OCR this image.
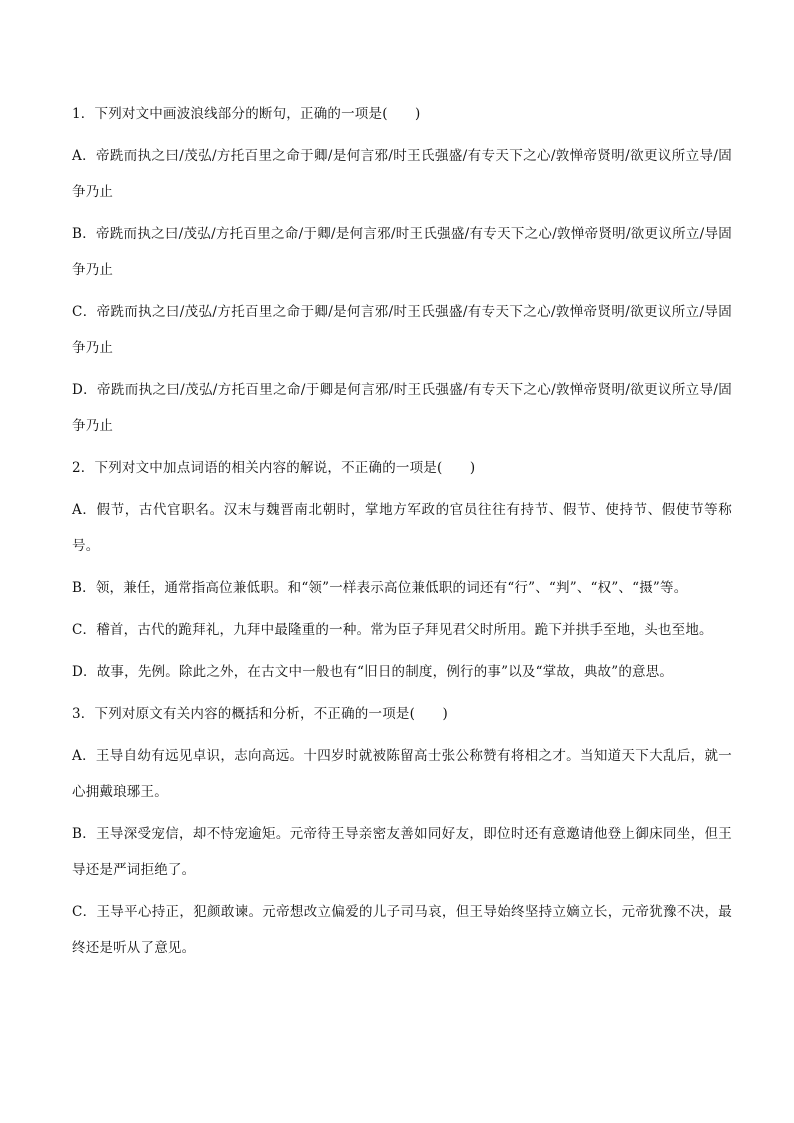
1．下列对文中画波浪线部分的断句，正确的一项是(　　)

A．帝跣而执之曰/茂弘/方托百里之命于卿/是何言邪/时王氏强盛/有专天下之心/敦惮帝贤明/欲更议所立导/固争乃止

B．帝跣而执之曰/茂弘/方托百里之命/于卿/是何言邪/时王氏强盛/有专天下之心/敦惮帝贤明/欲更议所立/导固争乃止

C．帝跣而执之曰/茂弘/方托百里之命于卿/是何言邪/时王氏强盛/有专天下之心/敦惮帝贤明/欲更议所立/导固争乃止

D．帝跣而执之曰/茂弘/方托百里之命/于卿是何言邪/时王氏强盛/有专天下之心/敦惮帝贤明/欲更议所立导/固争乃止

2．下列对文中加点词语的相关内容的解说，不正确的一项是(　　)

A．假节，古代官职名。汉末与魏晋南北朝时，掌地方军政的官员往往有持节、假节、使持节、假使节等称号。

B．领，兼任，通常指高位兼低职。和“领”一样表示高位兼低职的词还有“行”、“判”、“权”、“摄”等。

C．稽首，古代的跪拜礼，九拜中最隆重的一种。常为臣子拜见君父时所用。跪下并拱手至地，头也至地。

D．故事，先例。除此之外，在古文中一般也有“旧日的制度，例行的事”以及“掌故，典故”的意思。

3．下列对原文有关内容的概括和分析，不正确的一项是(　　)

A．王导自幼有远见卓识，志向高远。十四岁时就被陈留高士张公称赞有将相之才。当知道天下大乱后，就一心拥戴琅琊王。

B．王导深受宠信，却不恃宠逾矩。元帝待王导亲密友善如同好友，即位时还有意邀请他登上御床同坐，但王导还是严词拒绝了。

C．王导平心持正，犯颜敢谏。元帝想改立偏爱的儿子司马哀，但王导始终坚持立嫡立长，元帝犹豫不决，最终还是听从了意见。
